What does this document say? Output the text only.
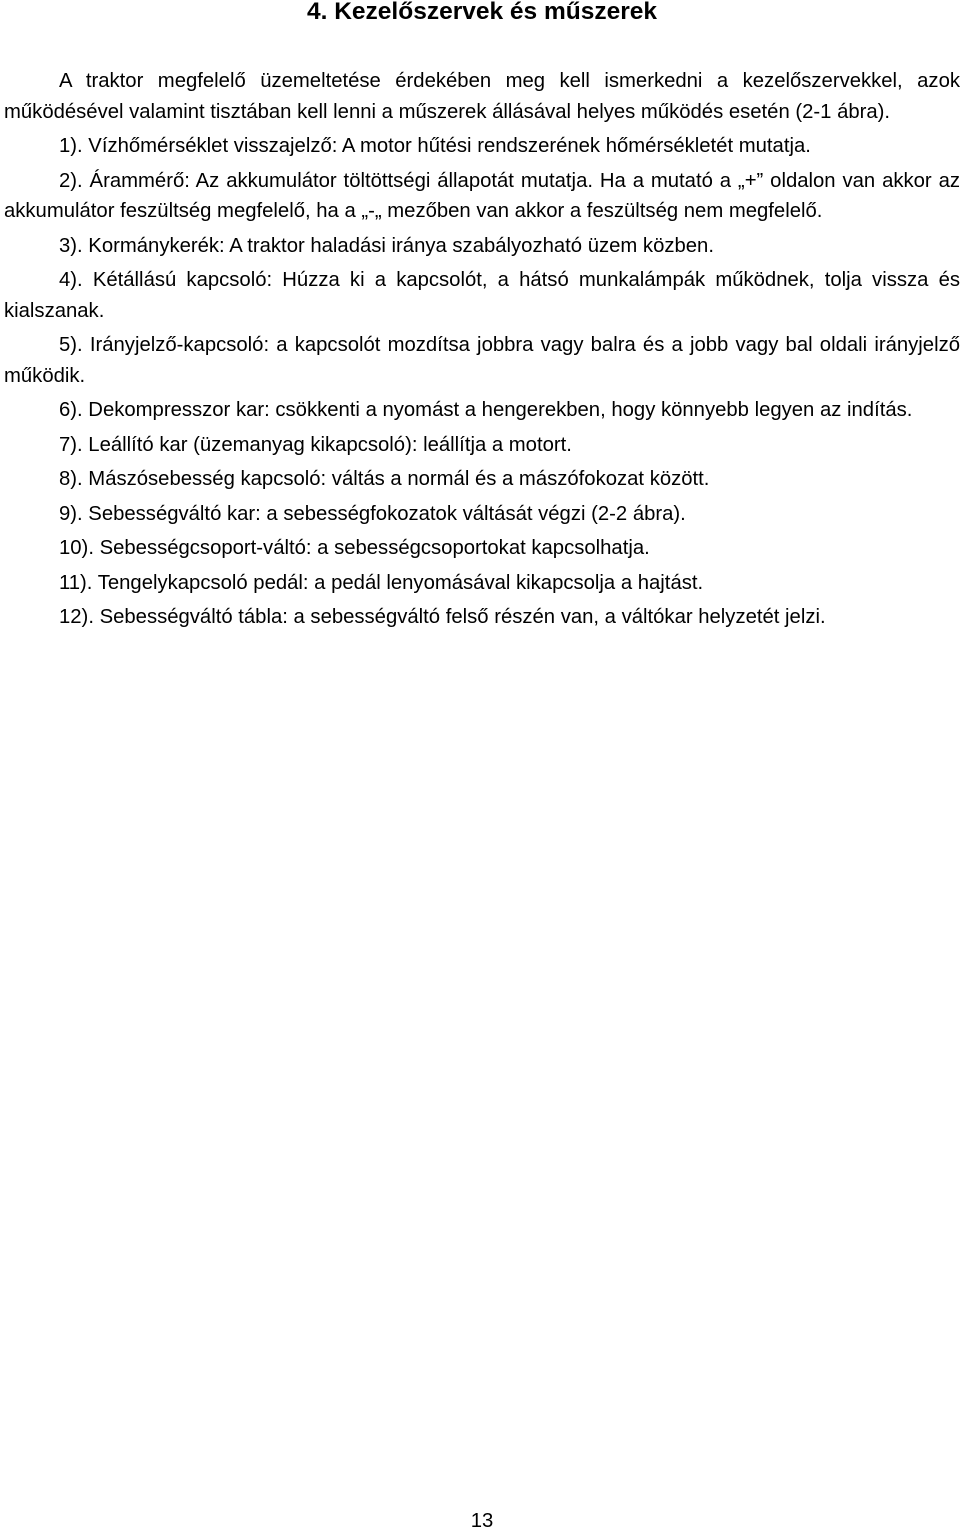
4. Kezelőszervek és műszerek

A traktor megfelelő üzemeltetése érdekében meg kell ismerkedni a kezelőszervekkel, azok működésével valamint tisztában kell lenni a műszerek állásával helyes működés esetén (2-1 ábra).

1). Vízhőmérséklet visszajelző: A motor hűtési rendszerének hőmérsékletét mutatja.

2). Árammérő: Az akkumulátor töltöttségi állapotát mutatja. Ha a mutató a „+” oldalon van akkor az akkumulátor feszültség megfelelő, ha a „-„ mezőben van akkor a feszültség nem megfelelő.

3). Kormánykerék: A traktor haladási iránya szabályozható üzem közben.

4). Kétállású kapcsoló: Húzza ki a kapcsolót, a hátsó munkalámpák működnek, tolja vissza és kialszanak.

5). Irányjelző-kapcsoló: a kapcsolót mozdítsa jobbra vagy balra és a jobb vagy bal oldali irányjelző működik.

6). Dekompresszor kar: csökkenti a nyomást a hengerekben, hogy könnyebb legyen az indítás.

7). Leállító kar (üzemanyag kikapcsoló): leállítja a motort.

8). Mászósebesség kapcsoló: váltás a normál és a mászófokozat között.

9). Sebességváltó kar: a sebességfokozatok váltását végzi (2-2 ábra).

10). Sebességcsoport-váltó: a sebességcsoportokat kapcsolhatja.

11). Tengelykapcsoló pedál: a pedál lenyomásával kikapcsolja a hajtást.

12). Sebességváltó tábla: a sebességváltó felső részén van, a váltókar helyzetét jelzi.

13
